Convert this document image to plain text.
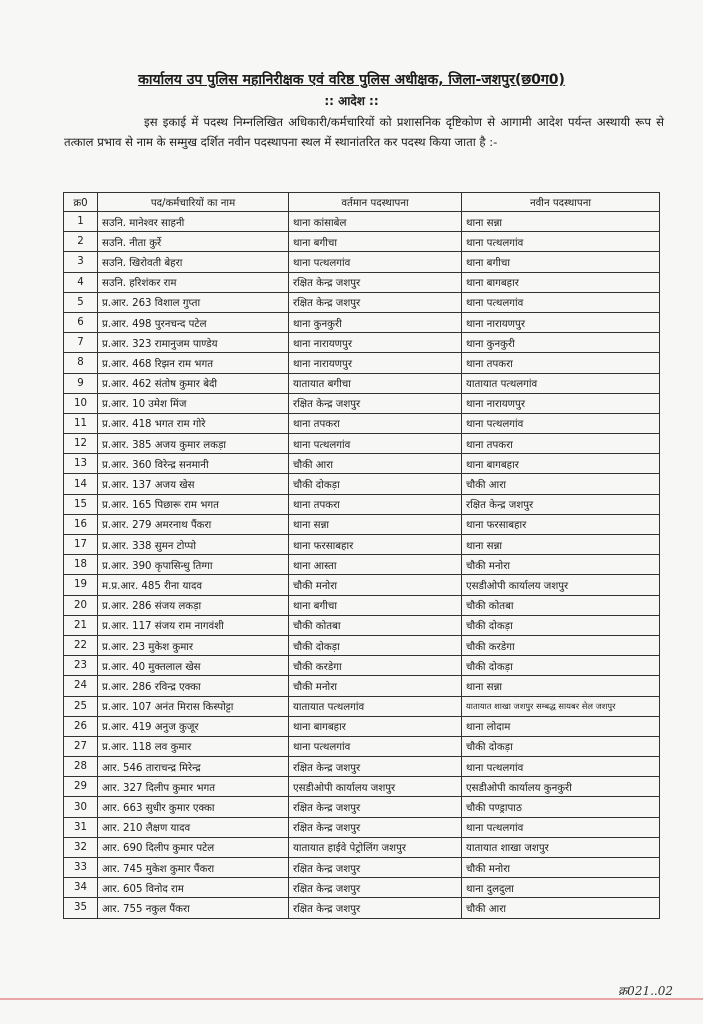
कार्यालय उप पुलिस महानिरीक्षक एवं वरिष्ठ पुलिस अधीक्षक, जिला-जशपुर(छ0ग0)
:: आदेश ::
इस इकाई में पदस्थ निम्नलिखित अधिकारी/कर्मचारियों को प्रशासनिक दृष्टिकोण से आगामी आदेश पर्यन्त अस्थायी रूप से तत्काल प्रभाव से नाम के सम्मुख दर्शित नवीन पदस्थापना स्थल में स्थानांतरित कर पदस्थ किया जाता है :-
क्र0	पद/कर्मचारियों का नाम	वर्तमान पदस्थापना	नवीन पदस्थापना
1	सउनि. मानेश्वर साहनी	थाना कांसाबेल	थाना सन्ना
2	सउनि. नीता कुर्रे	थाना बगीचा	थाना पत्थलगांव
3	सउनि. खिरोवती बेहरा	थाना पत्थलगांव	थाना बगीचा
4	सउनि. हरिशंकर राम	रक्षित केन्द्र जशपुर	थाना बागबहार
5	प्र.आर. 263 विशाल गुप्ता	रक्षित केन्द्र जशपुर	थाना पत्थलगांव
6	प्र.आर. 498 पुरनचन्द पटेल	थाना कुनकुरी	थाना नारायणपुर
7	प्र.आर. 323 रामानुजम पाण्डेय	थाना नारायणपुर	थाना कुनकुरी
8	प्र.आर. 468 रिझन राम भगत	थाना नारायणपुर	थाना तपकरा
9	प्र.आर. 462 संतोष कुमार बेदी	यातायात बगीचा	यातायात पत्थलगांव
10	प्र.आर. 10 उमेश मिंज	रक्षित केन्द्र जशपुर	थाना नारायणपुर
11	प्र.आर. 418 भगत राम गोरे	थाना तपकरा	थाना पत्थलगांव
12	प्र.आर. 385 अजय कुमार लकड़ा	थाना पत्थलगांव	थाना तपकरा
13	प्र.आर. 360 विरेन्द्र सनमानी	चौकी आरा	थाना बागबहार
14	प्र.आर. 137 अजय खेस	चौकी दोकड़ा	चौकी आरा
15	प्र.आर. 165 पिछारू राम भगत	थाना तपकरा	रक्षित केन्द्र जशपुर
16	प्र.आर. 279 अमरनाथ पैंकरा	थाना सन्ना	थाना फरसाबहार
17	प्र.आर. 338 सुमन टोप्पो	थाना फरसाबहार	थाना सन्ना
18	प्र.आर. 390 कृपासिन्धु तिग्गा	थाना आस्ता	चौकी मनोरा
19	म.प्र.आर. 485 रीना यादव	चौकी मनोरा	एसडीओपी कार्यालय जशपुर
20	प्र.आर. 286 संजय लकड़ा	थाना बगीचा	चौकी कोतबा
21	प्र.आर. 117 संजय राम नागवंशी	चौकी कोतबा	चौकी दोकड़ा
22	प्र.आर. 23 मुकेश कुमार	चौकी दोकड़ा	चौकी करडेगा
23	प्र.आर. 40 मुक्तलाल खेस	चौकी करडेगा	चौकी दोकड़ा
24	प्र.आर. 286 रविन्द्र एक्का	चौकी मनोरा	थाना सन्ना
25	प्र.आर. 107 अनंत मिरास किस्पोट्टा	यातायात पत्थलगांव	यातायात शाखा जशपुर सम्बद्ध सायबर सेल जशपुर
26	प्र.आर. 419 अनुज कुजूर	थाना बागबहार	थाना लोदाम
27	प्र.आर. 118 लव कुमार	थाना पत्थलगांव	चौकी दोकड़ा
28	आर. 546 ताराचन्द्र मिरेन्द्र	रक्षित केन्द्र जशपुर	थाना पत्थलगांव
29	आर. 327 दिलीप कुमार भगत	एसडीओपी कार्यालय जशपुर	एसडीओपी कार्यालय कुनकुरी
30	आर. 663 सुधीर कुमार एक्का	रक्षित केन्द्र जशपुर	चौकी पण्ड्रापाठ
31	आर. 210 लैक्षण यादव	रक्षित केन्द्र जशपुर	थाना पत्थलगांव
32	आर. 690 दिलीप कुमार पटेल	यातायात हाईवे पेट्रोलिंग जशपुर	यातायात शाखा जशपुर
33	आर. 745 मुकेश कुमार पैंकरा	रक्षित केन्द्र जशपुर	चौकी मनोरा
34	आर. 605 विनोद राम	रक्षित केन्द्र जशपुर	थाना दुलदुला
35	आर. 755 नकुल पैंकरा	रक्षित केन्द्र जशपुर	चौकी आरा
क्र021..02
